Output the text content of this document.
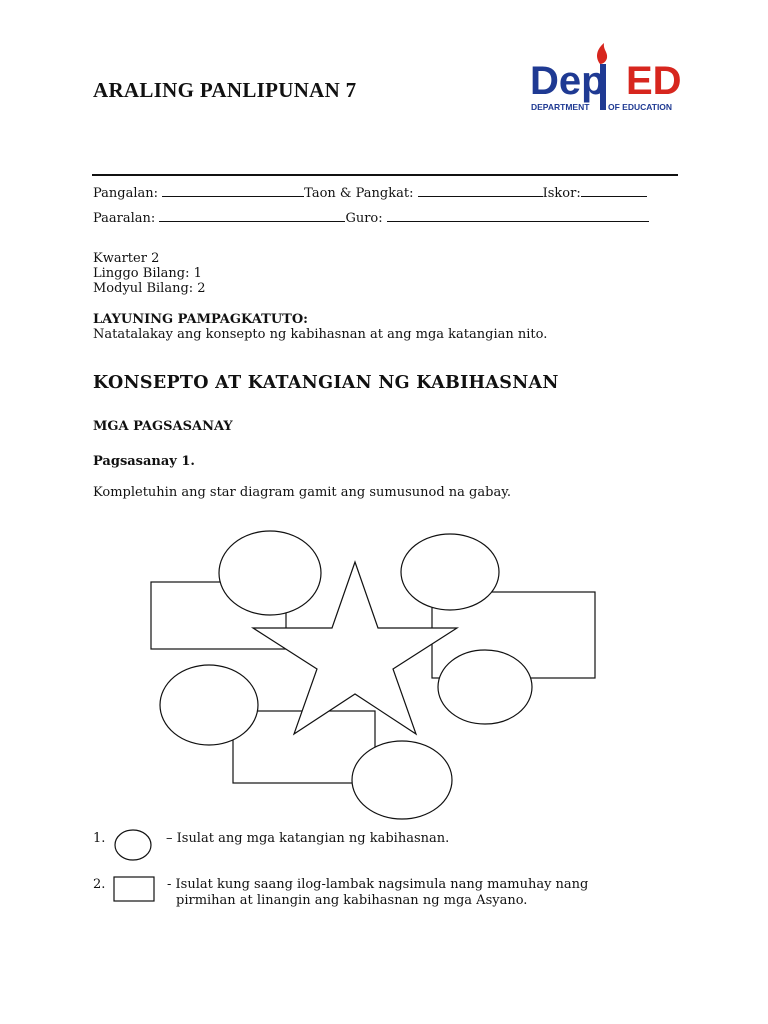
ARALING PANLIPUNAN 7	Dep ED
DEPARTMENT OF EDUCATION
Pangalan:	Taon & Pangkat:	Iskor:
Paaralan:	Guro:
Kwarter 2
Linggo Bilang: 1
Modyul Bilang: 2
LAYUNING PAMPAGKATUTO:
Natatalakay ang konsepto ng kabihasnan at ang mga katangian nito.
KONSEPTO AT KATANGIAN NG KABIHASNAN
MGA PAGSASANAY
Pagsasanay 1.
Kompletuhin ang star diagram gamit ang sumusunod na gabay.
1.	– Isulat ang mga katangian ng kabihasnan.
2.	- Isulat kung saang ilog-lambak nagsimula nang mamuhay nang
pirmihan at linangin ang kabihasnan ng mga Asyano.
